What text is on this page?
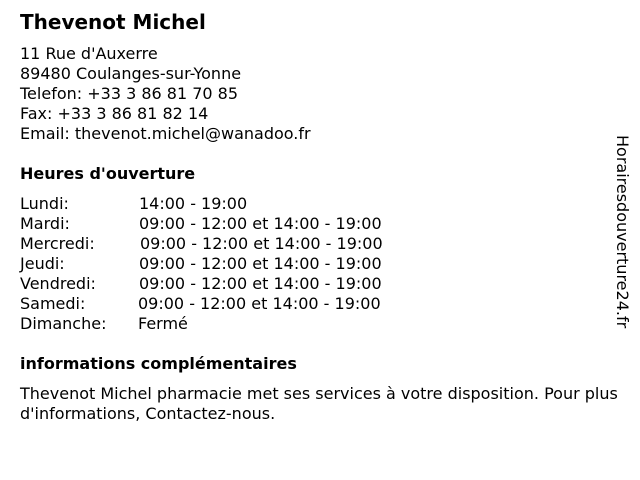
Thevenot Michel
11 Rue d'Auxerre
89480 Coulanges-sur-Yonne
Telefon: +33 3 86 81 70 85
Fax: +33 3 86 81 82 14
Email: thevenot.michel@wanadoo.fr
Heures d'ouverture
Lundi:	14:00 - 19:00
Mardi:	09:00 - 12:00 et 14:00 - 19:00
Mercredi:	09:00 - 12:00 et 14:00 - 19:00
Jeudi:	09:00 - 12:00 et 14:00 - 19:00
Vendredi:	09:00 - 12:00 et 14:00 - 19:00
Samedi:	09:00 - 12:00 et 14:00 - 19:00
Dimanche: Fermé
informations complémentaires
Thevenot Michel pharmacie met ses services à votre disposition. Pour plus d'informations, Contactez-nous.
Horairesdouverture24.fr
